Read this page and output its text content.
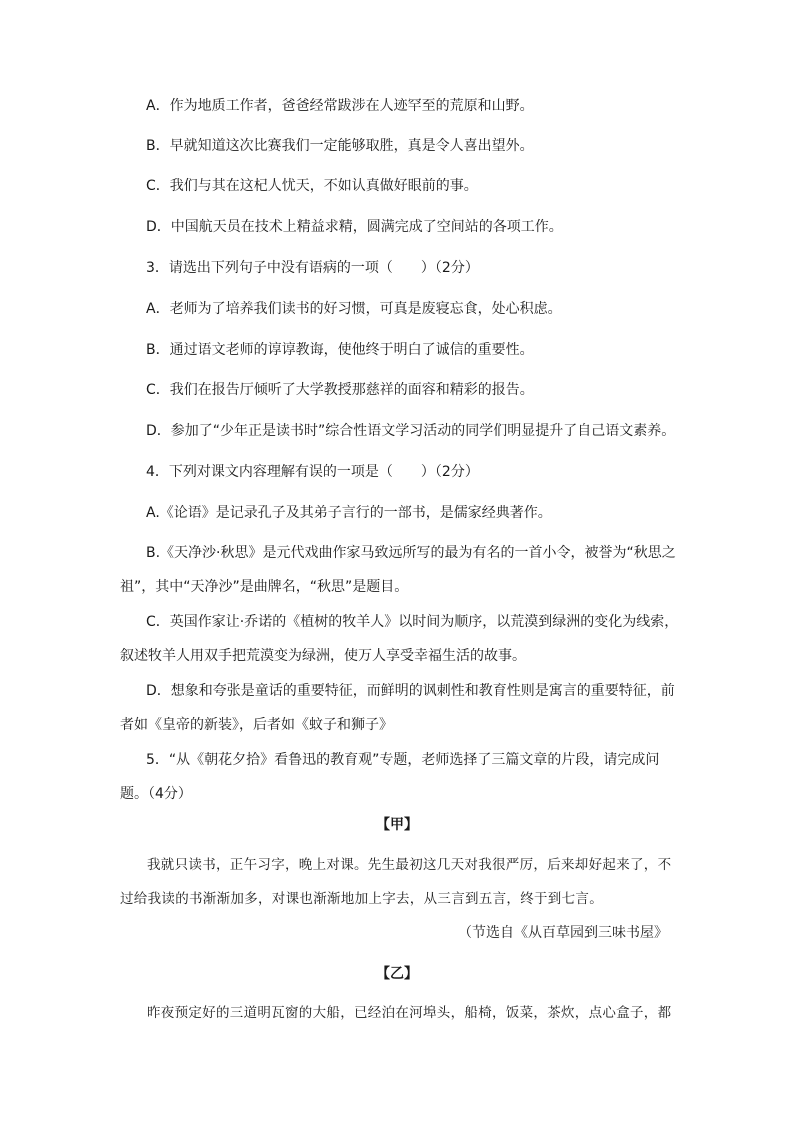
A．作为地质工作者，爸爸经常跋涉在人迹罕至的荒原和山野。
B．早就知道这次比赛我们一定能够取胜，真是令人喜出望外。
C．我们与其在这杞人忧天，不如认真做好眼前的事。
D．中国航天员在技术上精益求精，圆满完成了空间站的各项工作。
3．请选出下列句子中没有语病的一项（　　）（2分）
A．老师为了培养我们读书的好习惯，可真是废寝忘食，处心积虑。
B．通过语文老师的谆谆教诲，使他终于明白了诚信的重要性。
C．我们在报告厅倾听了大学教授那慈祥的面容和精彩的报告。
D．参加了“少年正是读书时”综合性语文学习活动的同学们明显提升了自己语文素养。
4．下列对课文内容理解有误的一项是（　　）（2分）
A.《论语》是记录孔子及其弟子言行的一部书，是儒家经典著作。
B.《天净沙·秋思》是元代戏曲作家马致远所写的最为有名的一首小令，被誉为“秋思之祖”，其中“天净沙”是曲牌名，“秋思”是题目。
C．英国作家让·乔诺的《植树的牧羊人》以时间为顺序，以荒漠到绿洲的变化为线索，叙述牧羊人用双手把荒漠变为绿洲，使万人享受幸福生活的故事。
D．想象和夸张是童话的重要特征，而鲜明的讽刺性和教育性则是寓言的重要特征，前者如《皇帝的新装》，后者如《蚊子和狮子》
5．“从《朝花夕拾》看鲁迅的教育观”专题，老师选择了三篇文章的片段，请完成问题。（4分）
【甲】
我就只读书，正午习字，晚上对课。先生最初这几天对我很严厉，后来却好起来了，不过给我读的书渐渐加多，对课也渐渐地加上字去，从三言到五言，终于到七言。
（节选自《从百草园到三味书屋》
【乙】
昨夜预定好的三道明瓦窗的大船，已经泊在河埠头，船椅，饭菜，茶炊，点心盒子，都
